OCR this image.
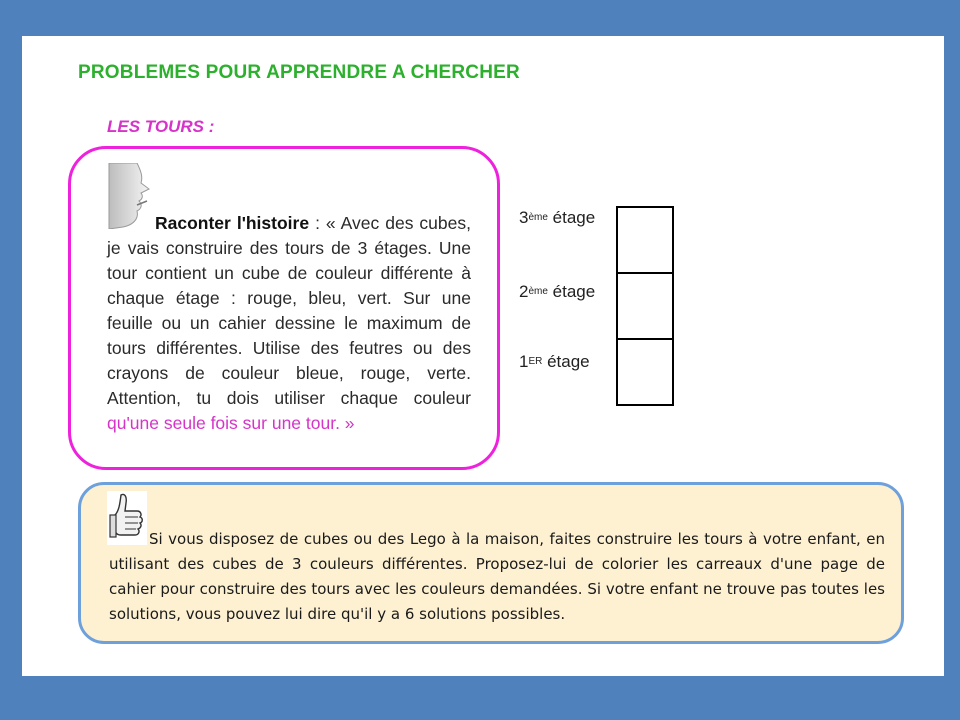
PROBLEMES POUR APPRENDRE A CHERCHER
LES TOURS :
Raconter l'histoire : « Avec des cubes, je vais construire des tours de 3 étages. Une tour contient un cube de couleur différente à chaque étage : rouge, bleu, vert. Sur une feuille ou un cahier dessine le maximum de tours différentes. Utilise des feutres ou des crayons de couleur bleue, rouge, verte. Attention, tu dois utiliser chaque couleur qu'une seule fois sur une tour. »
3ème étage
2ème étage
1ER étage
Si vous disposez de cubes ou des Lego à la maison, faites construire les tours à votre enfant, en utilisant des cubes de 3 couleurs différentes. Proposez-lui de colorier les carreaux d'une page de cahier pour construire des tours avec les couleurs demandées. Si votre enfant ne trouve pas toutes les solutions, vous pouvez lui dire qu'il y a 6 solutions possibles.
